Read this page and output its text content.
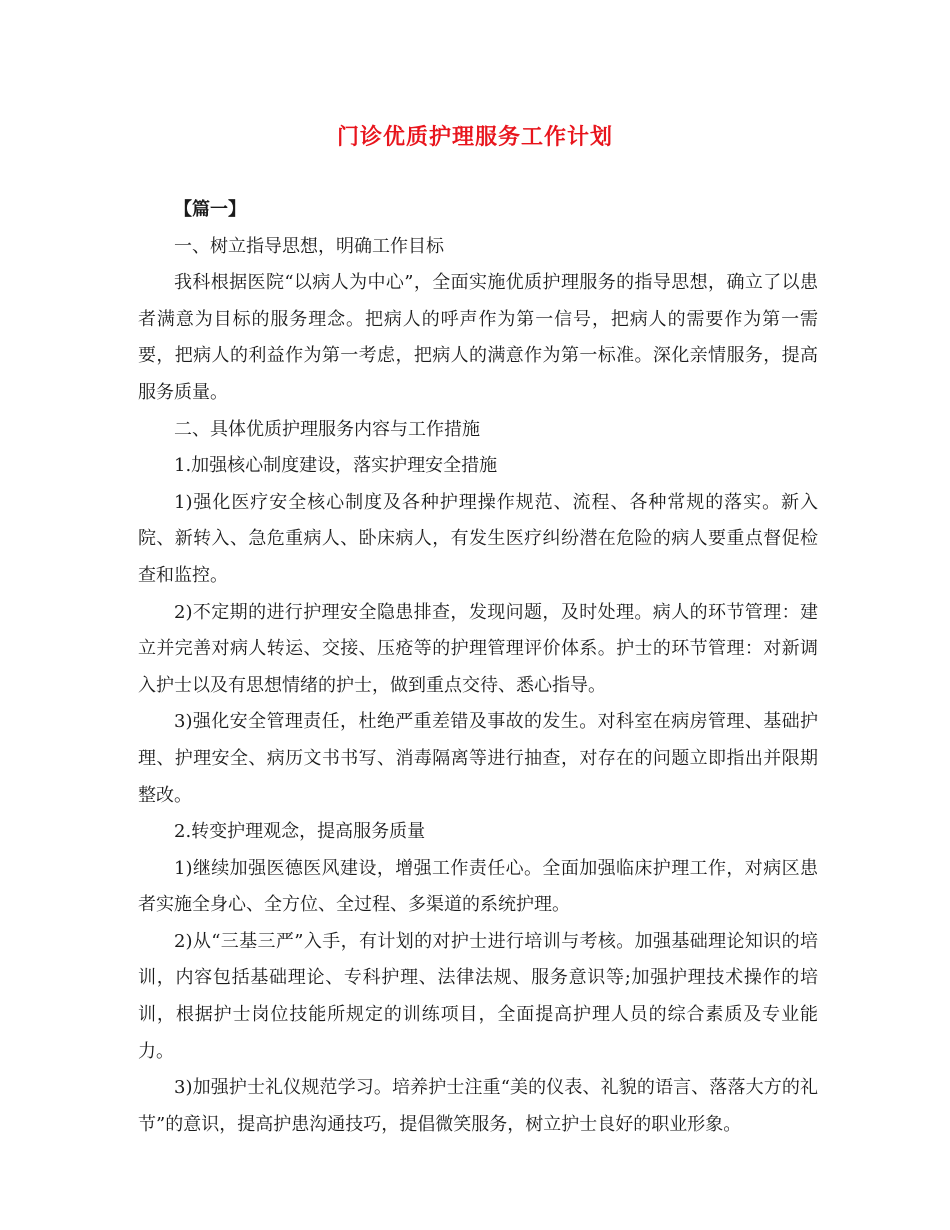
门诊优质护理服务工作计划

【篇一】

一、树立指导思想，明确工作目标

我科根据医院“以病人为中心”，全面实施优质护理服务的指导思想，确立了以患者满意为目标的服务理念。把病人的呼声作为第一信号，把病人的需要作为第一需要，把病人的利益作为第一考虑，把病人的满意作为第一标准。深化亲情服务，提高服务质量。

二、具体优质护理服务内容与工作措施

1.加强核心制度建设，落实护理安全措施

1)强化医疗安全核心制度及各种护理操作规范、流程、各种常规的落实。新入院、新转入、急危重病人、卧床病人，有发生医疗纠纷潜在危险的病人要重点督促检查和监控。

2)不定期的进行护理安全隐患排查，发现问题，及时处理。病人的环节管理：建立并完善对病人转运、交接、压疮等的护理管理评价体系。护士的环节管理：对新调入护士以及有思想情绪的护士，做到重点交待、悉心指导。

3)强化安全管理责任，杜绝严重差错及事故的发生。对科室在病房管理、基础护理、护理安全、病历文书书写、消毒隔离等进行抽查，对存在的问题立即指出并限期整改。

2.转变护理观念，提高服务质量

1)继续加强医德医风建设，增强工作责任心。全面加强临床护理工作，对病区患者实施全身心、全方位、全过程、多渠道的系统护理。

2)从“三基三严”入手，有计划的对护士进行培训与考核。加强基础理论知识的培训，内容包括基础理论、专科护理、法律法规、服务意识等;加强护理技术操作的培训，根据护士岗位技能所规定的训练项目，全面提高护理人员的综合素质及专业能力。

3)加强护士礼仪规范学习。培养护士注重“美的仪表、礼貌的语言、落落大方的礼节”的意识，提高护患沟通技巧，提倡微笑服务，树立护士良好的职业形象。
